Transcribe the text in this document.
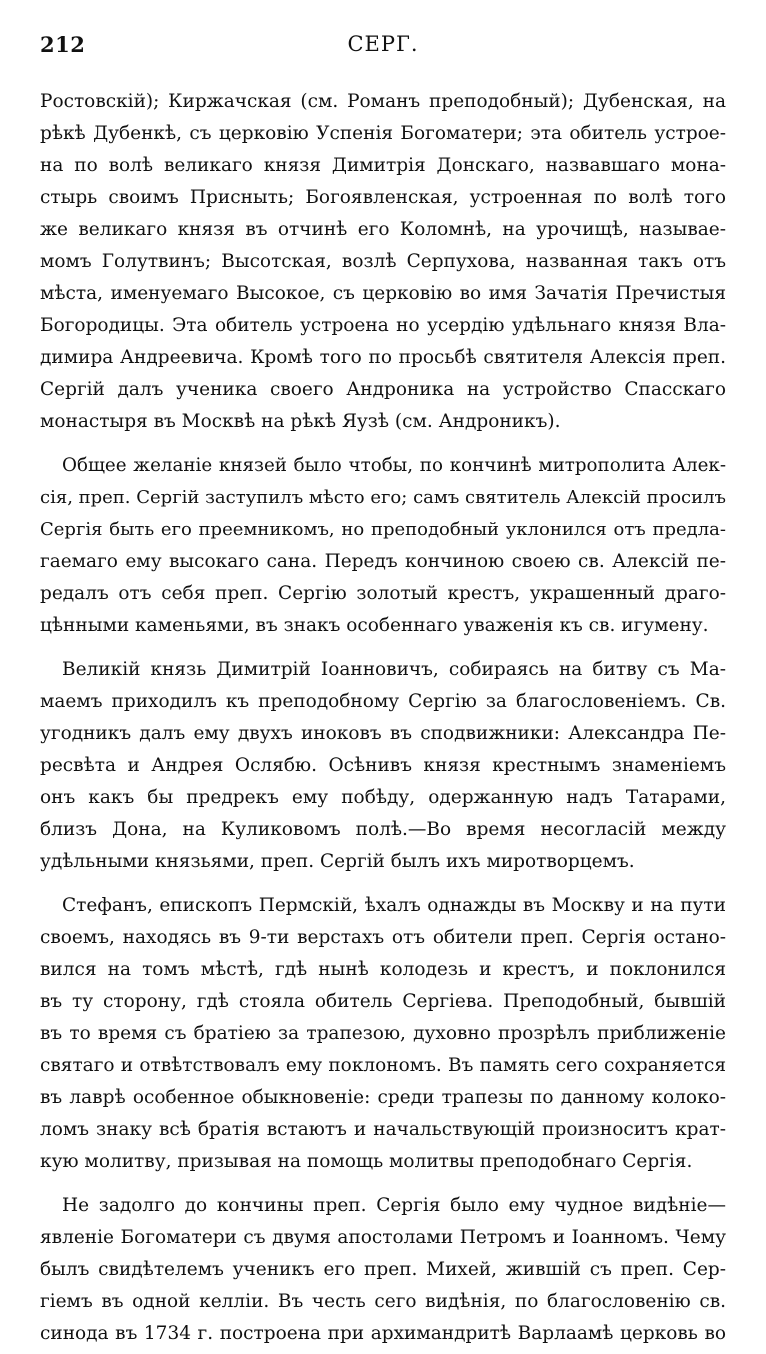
212	СЕРГ.
Ростовскій); Киржачская (см. Романъ преподобный); Дубенская, на
рѣкѣ Дубенкѣ, съ церковію Успенія Богоматери; эта обитель устрое-
на по волѣ великаго князя Димитрія Донскаго, назвавшаго мона-
стырь своимъ Присныть; Богоявленская, устроенная по волѣ того
же великаго князя въ отчинѣ его Коломнѣ, на урочищѣ, называе-
момъ Голутвинъ; Высотская, возлѣ Серпухова, названная такъ отъ
мѣста, именуемаго Высокое, съ церковію во имя Зачатія Пречистыя
Богородицы. Эта обитель устроена но усердію удѣльнаго князя Вла-
димира Андреевича. Кромѣ того по просьбѣ святителя Алексія преп.
Сергій далъ ученика своего Андроника на устройство Спасскаго
монастыря въ Москвѣ на рѣкѣ Яузѣ (см. Андроникъ).
Общее желаніе князей было чтобы, по кончинѣ митрополита Алек-
сія, преп. Сергій заступилъ мѣсто его; самъ святитель Алексій просилъ
Сергія быть его преемникомъ, но преподобный уклонился отъ предла-
гаемаго ему высокаго сана. Передъ кончиною своею св. Алексій пе-
редалъ отъ себя преп. Сергію золотый крестъ, украшенный драго-
цѣнными каменьями, въ знакъ особеннаго уваженія къ св. игумену.
Великій князь Димитрій Іоанновичъ, собираясь на битву съ Ма-
маемъ приходилъ къ преподобному Сергію за благословеніемъ. Св.
угодникъ далъ ему двухъ иноковъ въ сподвижники: Александра Пе-
ресвѣта и Андрея Ослябю. Осѣнивъ князя крестнымъ знаменіемъ
онъ какъ бы предрекъ ему побѣду, одержанную надъ Татарами,
близъ Дона, на Куликовомъ полѣ.—Во время несогласій между
удѣльными князьями, преп. Сергій былъ ихъ миротворцемъ.
Стефанъ, епископъ Пермскій, ѣхалъ однажды въ Москву и на пути
своемъ, находясь въ 9-ти верстахъ отъ обители преп. Сергія остано-
вился на томъ мѣстѣ, гдѣ нынѣ колодезь и крестъ, и поклонился
въ ту сторону, гдѣ стояла обитель Сергіева. Преподобный, бывшій
въ то время съ братіею за трапезою, духовно прозрѣлъ приближеніе
святаго и отвѣтствовалъ ему поклономъ. Въ память сего сохраняется
въ лаврѣ особенное обыкновеніе: среди трапезы по данному колоко-
ломъ знаку всѣ братія встаютъ и начальствующій произноситъ крат-
кую молитву, призывая на помощь молитвы преподобнаго Сергія.
Не задолго до кончины преп. Сергія было ему чудное видѣніе—
явленіе Богоматери съ двумя апостолами Петромъ и Іоанномъ. Чему
былъ свидѣтелемъ ученикъ его преп. Михей, жившій съ преп. Сер-
гіемъ въ одной келліи. Въ честь сего видѣнія, по благословенію св.
синода въ 1734 г. построена при архимандритѣ Варлаамѣ церковь во
